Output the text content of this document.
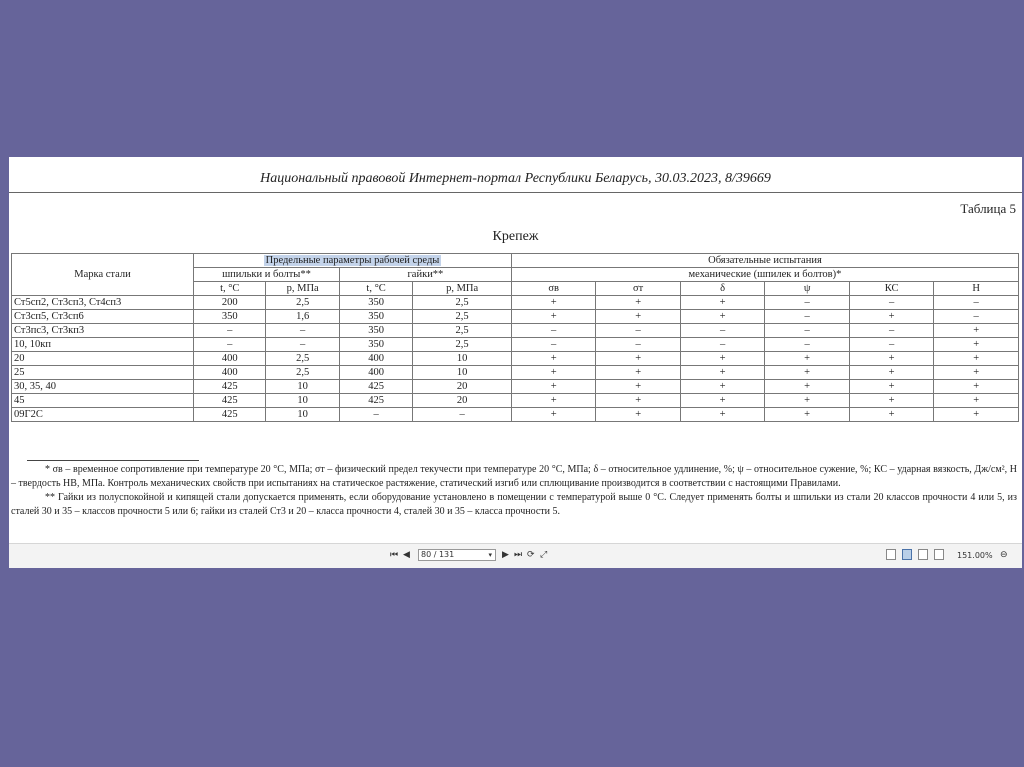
Национальный правовой Интернет-портал Республики Беларусь, 30.03.2023, 8/39669
Таблица 5
Крепеж
Марка стали	Предельные параметры рабочей среды				Обязательные испытания					
	шпильки и болты**		гайки**		механические (шпилек и болтов)*					
	t, °С	р, МПа	t, °С	р, МПа	σв	σт	δ	ψ	КС	Н
Ст5сп2, Ст3сп3, Ст4сп3	200	2,5	350	2,5	+	+	+	–	–	–
Ст3сп5, Ст3сп6	350	1,6	350	2,5	+	+	+	–	+	–
Ст3пс3, Ст3кп3	–	–	350	2,5	–	–	–	–	–	+
10, 10кп	–	–	350	2,5	–	–	–	–	–	+
20	400	2,5	400	10	+	+	+	+	+	+
25	400	2,5	400	10	+	+	+	+	+	+
30, 35, 40	425	10	425	20	+	+	+	+	+	+
45	425	10	425	20	+	+	+	+	+	+
09Г2С	425	10	–	–	+	+	+	+	+	+

* σв – временное сопротивление при температуре 20 °С, МПа; σт – физический предел текучести при температуре 20 °С, МПа; δ – относительное удлинение, %; ψ – относительное сужение, %; КС – ударная вязкость, Дж/см², Н – твердость НВ, МПа. Контроль механических свойств при испытаниях на статическое растяжение, статический изгиб или сплющивание производится в соответствии с настоящими Правилами.

** Гайки из полуспокойной и кипящей стали допускается применять, если оборудование установлено в помещении с температурой выше 0 °С. Следует применять болты и шпильки из стали 20 классов прочности 4 или 5, из сталей 30 и 35 – классов прочности 5 или 6; гайки из сталей Ст3 и 20 – класса прочности 4, сталей 30 и 35 – класса прочности 5.

⏮ ◀	80 / 131	▾ ▶ ⏭ ⟳ ⤢	151.00% ⊖
